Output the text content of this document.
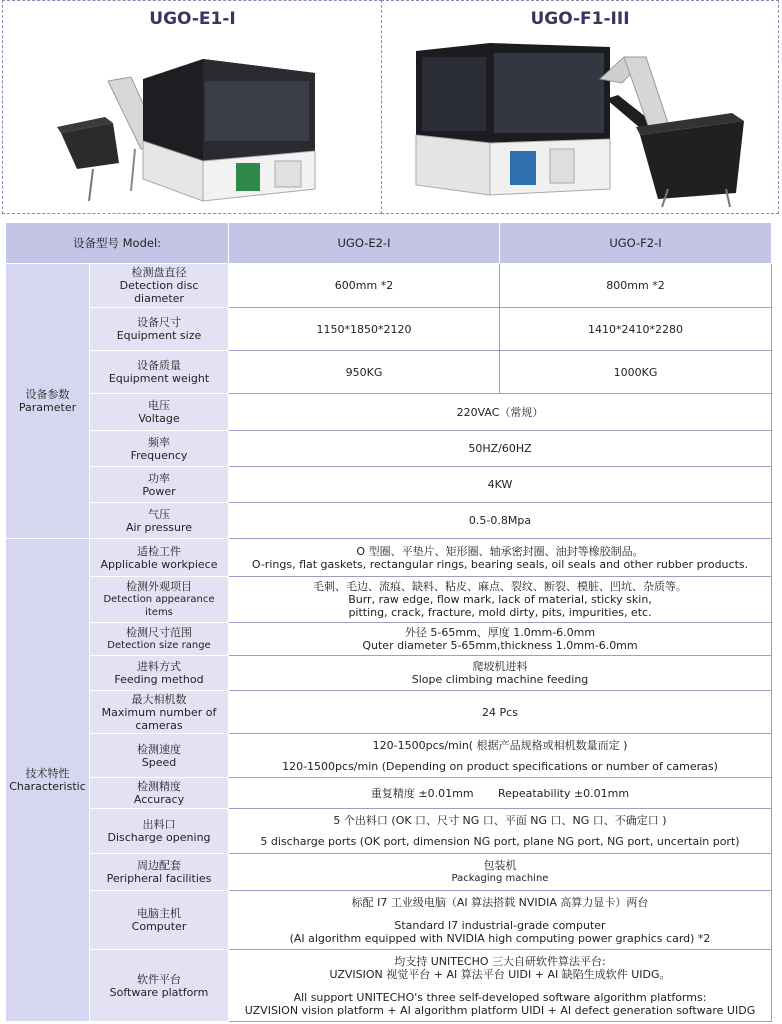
UGO-E1-I	UGO-F1-III
设备型号 Model:		UGO-E2-I	UGO-F2-I

设备参数
Parameter	检测盘直径
Detection disc
diameter	600mm *2	800mm *2

	设备尺寸
Equipment size	1150*1850*2120	1410*2410*2280

	设备质量
Equipment weight	950KG	1000KG

	电压
Voltage	220VAC（常规）	

	频率
Frequency	50HZ/60HZ	

	功率
Power	4KW	

	气压
Air pressure	0.5-0.8Mpa	

技术特性
Characteristic	适检工件
Applicable workpiece	O 型圈、平垫片、矩形圈、轴承密封圈、油封等橡胶制品。
O-rings, flat gaskets, rectangular rings, bearing seals, oil seals and other rubber products.	

	检测外观项目
Detection appearance items	毛刺、毛边、流痕、缺料、粘皮、麻点、裂纹、断裂、模脏、凹坑、杂质等。
Burr, raw edge, flow mark, lack of material, sticky skin,
pitting, crack, fracture, mold dirty, pits, impurities, etc.	

	检测尺寸范围
Detection size range	外径 5-65mm、厚度 1.0mm-6.0mm
Quter diameter 5-65mm,thickness 1.0mm-6.0mm	

	进料方式
Feeding method	爬坡机进料
Slope climbing machine feeding	

	最大相机数
Maximum number of
cameras	24 Pcs	

	检测速度
Speed	120-1500pcs/min( 根据产品规格或相机数量而定 )
120-1500pcs/min (Depending on product specifications or number of cameras)	

	检测精度
Accuracy	重复精度 ±0.01mm       Repeatability ±0.01mm	

	出料口
Discharge opening	5 个出料口 (OK 口、尺寸 NG 口、平面 NG 口、NG 口、不确定口 )
5 discharge ports (OK port, dimension NG port, plane NG port, NG port, uncertain port)	

	周边配套
Peripheral facilities	包装机
Packaging machine	

	电脑主机
Computer	标配 I7 工业级电脑（AI 算法搭载 NVIDIA 高算力显卡）两台
Standard I7 industrial-grade computer
(AI algorithm equipped with NVIDIA high computing power graphics card) *2	

	软件平台
Software platform	均支持 UNITECHO 三大自研软件算法平台:
UZVISION 视觉平台 + AI 算法平台 UIDI + AI 缺陷生成软件 UIDG。
All support UNITECHO's three self-developed software algorithm platforms:
UZVISION vision platform + AI algorithm platform UIDI + AI defect generation software UIDG	
